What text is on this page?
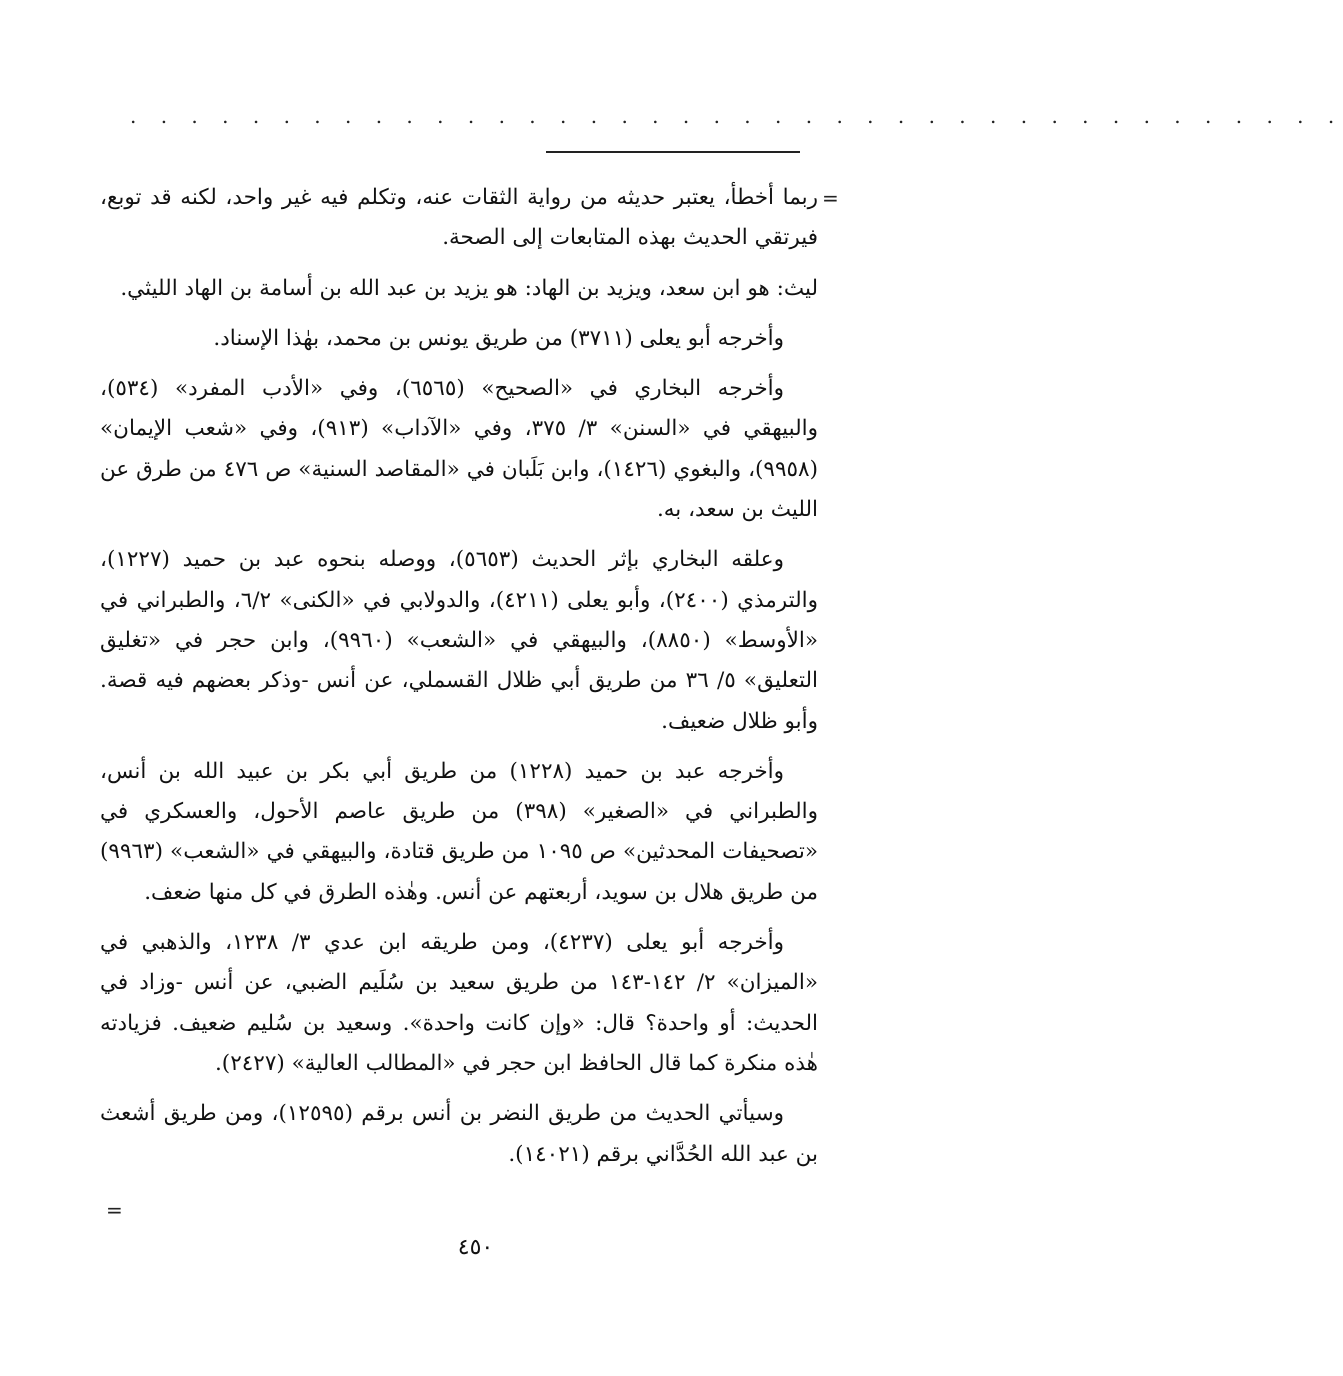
. . . . . . . . . . . . . . . . . . . . . . . . . . . . . . . . . . . . . . . .
=

ربما أخطأ، يعتبر حديثه من رواية الثقات عنه، وتكلم فيه غير واحد، لكنه قد توبع، فيرتقي الحديث بهذه المتابعات إلى الصحة.

ليث: هو ابن سعد، ويزيد بن الهاد: هو يزيد بن عبد الله بن أسامة بن الهاد الليثي.

وأخرجه أبو يعلى (٣٧١١) من طريق يونس بن محمد، بهٰذا الإسناد.

وأخرجه البخاري في «الصحيح» (٦٥٦٥)، وفي «الأدب المفرد» (٥٣٤)، والبيهقي في «السنن» ٣/ ٣٧٥، وفي «الآداب» (٩١٣)، وفي «شعب الإيمان» (٩٩٥٨)، والبغوي (١٤٢٦)، وابن بَلَبان في «المقاصد السنية» ص ٤٧٦ من طرق عن الليث بن سعد، به.

وعلقه البخاري بإثر الحديث (٥٦٥٣)، ووصله بنحوه عبد بن حميد (١٢٢٧)، والترمذي (٢٤٠٠)، وأبو يعلى (٤٢١١)، والدولابي في «الكنى» ٦/٢، والطبراني في «الأوسط» (٨٨٥٠)، والبيهقي في «الشعب» (٩٩٦٠)، وابن حجر في «تغليق التعليق» ٥/ ٣٦ من طريق أبي ظلال القسملي، عن أنس -وذكر بعضهم فيه قصة. وأبو ظلال ضعيف.

وأخرجه عبد بن حميد (١٢٢٨) من طريق أبي بكر بن عبيد الله بن أنس، والطبراني في «الصغير» (٣٩٨) من طريق عاصم الأحول، والعسكري في «تصحيفات المحدثين» ص ١٠٩٥ من طريق قتادة، والبيهقي في «الشعب» (٩٩٦٣) من طريق هلال بن سويد، أربعتهم عن أنس. وهٰذه الطرق في كل منها ضعف.

وأخرجه أبو يعلى (٤٢٣٧)، ومن طريقه ابن عدي ٣/ ١٢٣٨، والذهبي في «الميزان» ٢/ ١٤٢-١٤٣ من طريق سعيد بن سُلَيم الضبي، عن أنس -وزاد في الحديث: أو واحدة؟ قال: «وإن كانت واحدة». وسعيد بن سُليم ضعيف. فزيادته هٰذه منكرة كما قال الحافظ ابن حجر في «المطالب العالية» (٢٤٢٧).

وسيأتي الحديث من طريق النضر بن أنس برقم (١٢٥٩٥)، ومن طريق أشعث بن عبد الله الحُدَّاني برقم (١٤٠٢١).

=
٤٥٠
